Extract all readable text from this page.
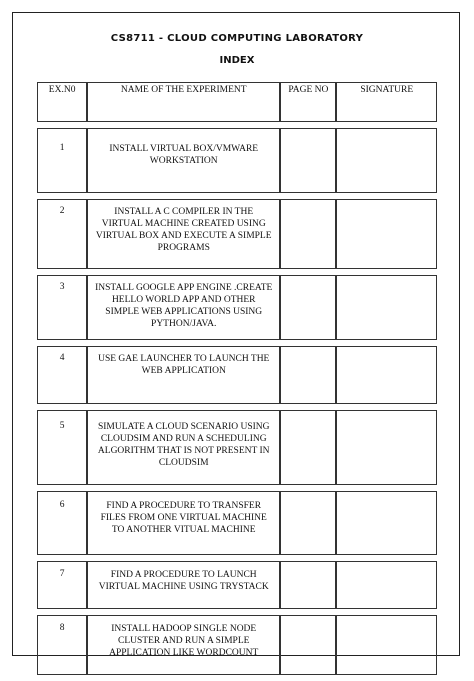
CS8711 - CLOUD COMPUTING LABORATORY
INDEX
EX.N0	NAME OF THE EXPERIMENT	PAGE NO	SIGNATURE
1	INSTALL VIRTUAL BOX/VMWARE WORKSTATION		
2	INSTALL A C COMPILER IN THE VIRTUAL MACHINE CREATED USING VIRTUAL BOX AND EXECUTE A SIMPLE PROGRAMS		
3	INSTALL GOOGLE APP ENGINE .CREATE HELLO WORLD APP AND OTHER SIMPLE WEB APPLICATIONS USING PYTHON/JAVA.		
4	USE GAE LAUNCHER TO LAUNCH THE WEB APPLICATION		
5	SIMULATE A CLOUD SCENARIO USING CLOUDSIM AND RUN A SCHEDULING ALGORITHM THAT IS NOT PRESENT IN CLOUDSIM		
6	FIND A PROCEDURE TO TRANSFER FILES FROM ONE VIRTUAL MACHINE TO ANOTHER VITUAL MACHINE		
7	FIND A PROCEDURE TO LAUNCH VIRTUAL MACHINE USING TRYSTACK		
8	INSTALL HADOOP SINGLE NODE CLUSTER AND RUN A SIMPLE APPLICATION LIKE WORDCOUNT		
